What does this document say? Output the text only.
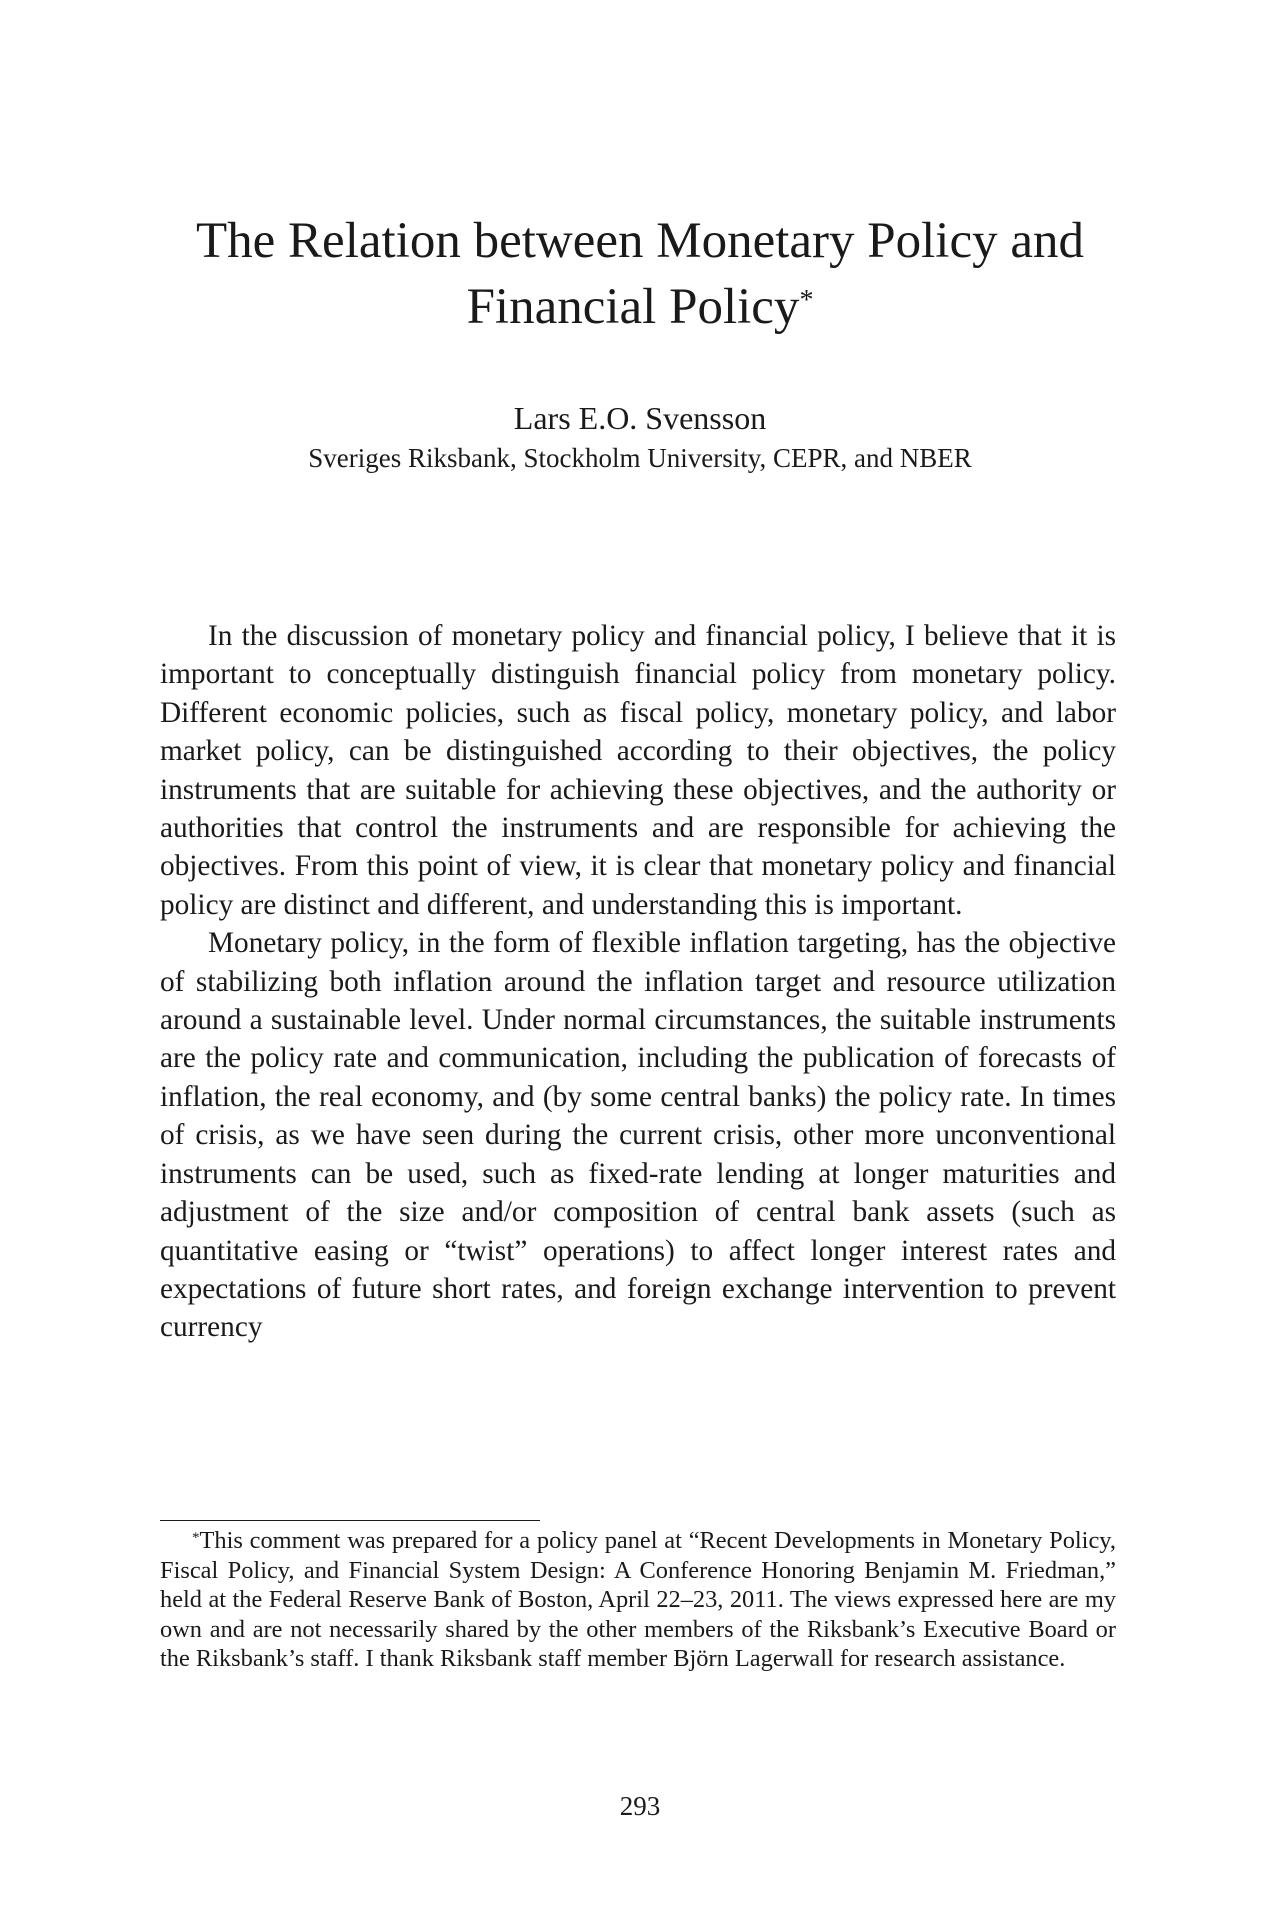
The Relation between Monetary Policy and Financial Policy*

Lars E.O. Svensson

Sveriges Riksbank, Stockholm University, CEPR, and NBER

In the discussion of monetary policy and financial policy, I believe that it is important to conceptually distinguish financial policy from monetary policy. Different economic policies, such as fiscal policy, monetary policy, and labor market policy, can be distinguished according to their objectives, the policy instruments that are suitable for achieving these objectives, and the authority or authorities that control the instruments and are responsible for achieving the objectives. From this point of view, it is clear that monetary policy and financial policy are distinct and different, and understanding this is important.

Monetary policy, in the form of flexible inflation targeting, has the objective of stabilizing both inflation around the inflation target and resource utilization around a sustainable level. Under normal circumstances, the suitable instruments are the policy rate and communication, including the publication of forecasts of inflation, the real economy, and (by some central banks) the policy rate. In times of crisis, as we have seen during the current crisis, other more unconventional instruments can be used, such as fixed-rate lending at longer maturities and adjustment of the size and/or composition of central bank assets (such as quantitative easing or “twist” operations) to affect longer interest rates and expectations of future short rates, and foreign exchange intervention to prevent currency

*This comment was prepared for a policy panel at “Recent Developments in Monetary Policy, Fiscal Policy, and Financial System Design: A Conference Honoring Benjamin M. Friedman,” held at the Federal Reserve Bank of Boston, April 22–23, 2011. The views expressed here are my own and are not necessarily shared by the other members of the Riksbank’s Executive Board or the Riksbank’s staff. I thank Riksbank staff member Björn Lagerwall for research assistance.

293
